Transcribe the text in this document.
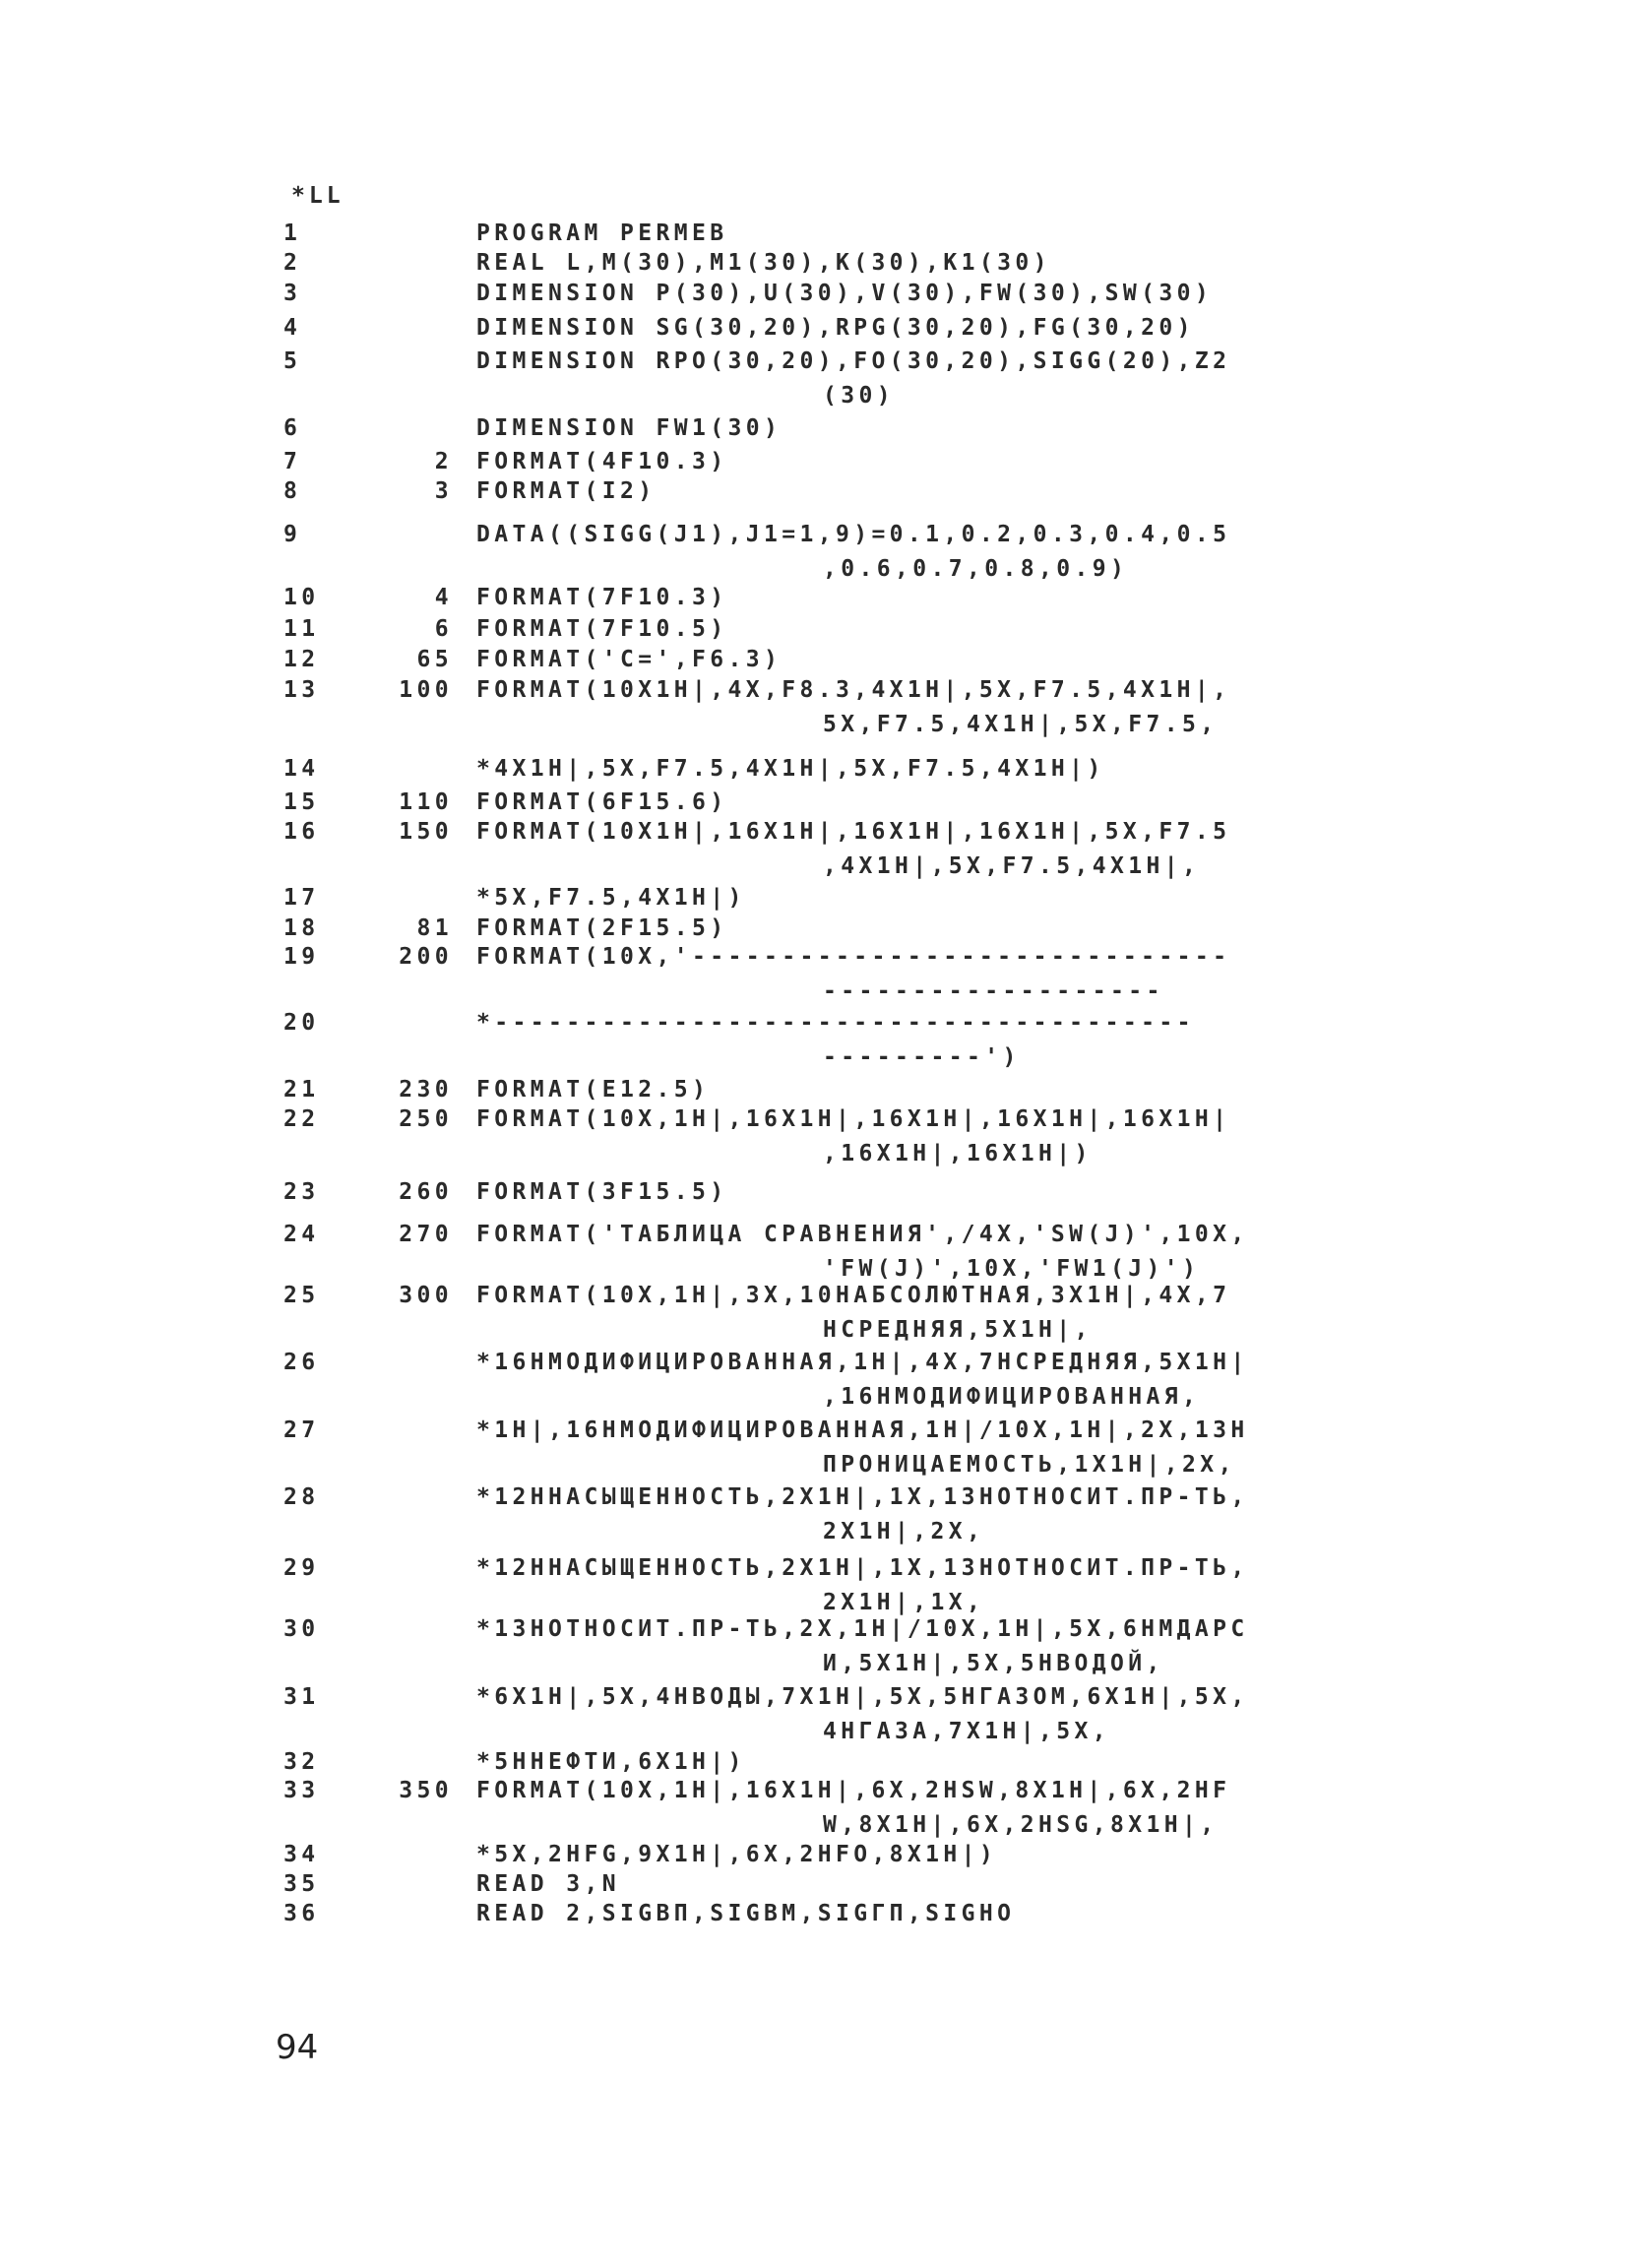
*LL
1	PROGRAM PERMEB
2	REAL L,M(30),M1(30),K(30),K1(30)
3	DIMENSION P(30),U(30),V(30),FW(30),SW(30)
4	DIMENSION SG(30,20),RPG(30,20),FG(30,20)
5	DIMENSION RPO(30,20),FO(30,20),SIGG(20),Z2
(30)
6	DIMENSION FW1(30)
7	2 FORMAT(4F10.3)
8	3 FORMAT(I2)
9	DATA((SIGG(J1),J1=1,9)=0.1,0.2,0.3,0.4,0.5
,0.6,0.7,0.8,0.9)
10	4 FORMAT(7F10.3)
11	6 FORMAT(7F10.5)
12	65 FORMAT('C=',F6.3)
13	100 FORMAT(10X1H|,4X,F8.3,4X1H|,5X,F7.5,4X1H|,
5X,F7.5,4X1H|,5X,F7.5,
14	*4X1H|,5X,F7.5,4X1H|,5X,F7.5,4X1H|)
15	110 FORMAT(6F15.6)
16	150 FORMAT(10X1H|,16X1H|,16X1H|,16X1H|,5X,F7.5
,4X1H|,5X,F7.5,4X1H|,
17	*5X,F7.5,4X1H|)
18	81 FORMAT(2F15.5)
19	200 FORMAT(10X,'------------------------------
-------------------
20	*---------------------------------------
---------')
21	230 FORMAT(E12.5)
22	250 FORMAT(10X,1H|,16X1H|,16X1H|,16X1H|,16X1H|
,16X1H|,16X1H|)
23	260 FORMAT(3F15.5)
24	270 FORMAT('ТАБЛИЦА СРАВНЕНИЯ',/4X,'SW(J)',10X,
'FW(J)',10X,'FW1(J)')
25	300 FORMAT(10X,1H|,3X,10НАБСОЛЮТНАЯ,3X1H|,4X,7
НСРЕДНЯЯ,5X1H|,
26	*16НМОДИФИЦИРОВАННАЯ,1H|,4X,7НСРЕДНЯЯ,5X1H|
,16НМОДИФИЦИРОВАННАЯ,
27	*1H|,16НМОДИФИЦИРОВАННАЯ,1H|/10X,1H|,2X,13H
ПРОНИЦАЕМОСТЬ,1X1H|,2X,
28	*12ННАСЫЩЕННОСТЬ,2X1H|,1X,13НОТНОСИТ.ПР-ТЬ,
2X1H|,2X,
29	*12ННАСЫЩЕННОСТЬ,2X1H|,1X,13НОТНОСИТ.ПР-ТЬ,
2X1H|,1X,
30	*13НОТНОСИТ.ПР-ТЬ,2X,1H|/10X,1H|,5X,6НМДАРС
И,5X1H|,5X,5НВОДОЙ,
31	*6X1H|,5X,4НВОДЫ,7X1H|,5X,5НГАЗОМ,6X1H|,5X,
4НГАЗА,7X1H|,5X,
32	*5ННЕФТИ,6X1H|)
33	350 FORMAT(10X,1H|,16X1H|,6X,2HSW,8X1H|,6X,2HF
W,8X1H|,6X,2HSG,8X1H|,
34	*5X,2HFG,9X1H|,6X,2HFO,8X1H|)
35	READ 3,N
36	READ 2,SIGBП,SIGBM,SIGГП,SIGHO
94
